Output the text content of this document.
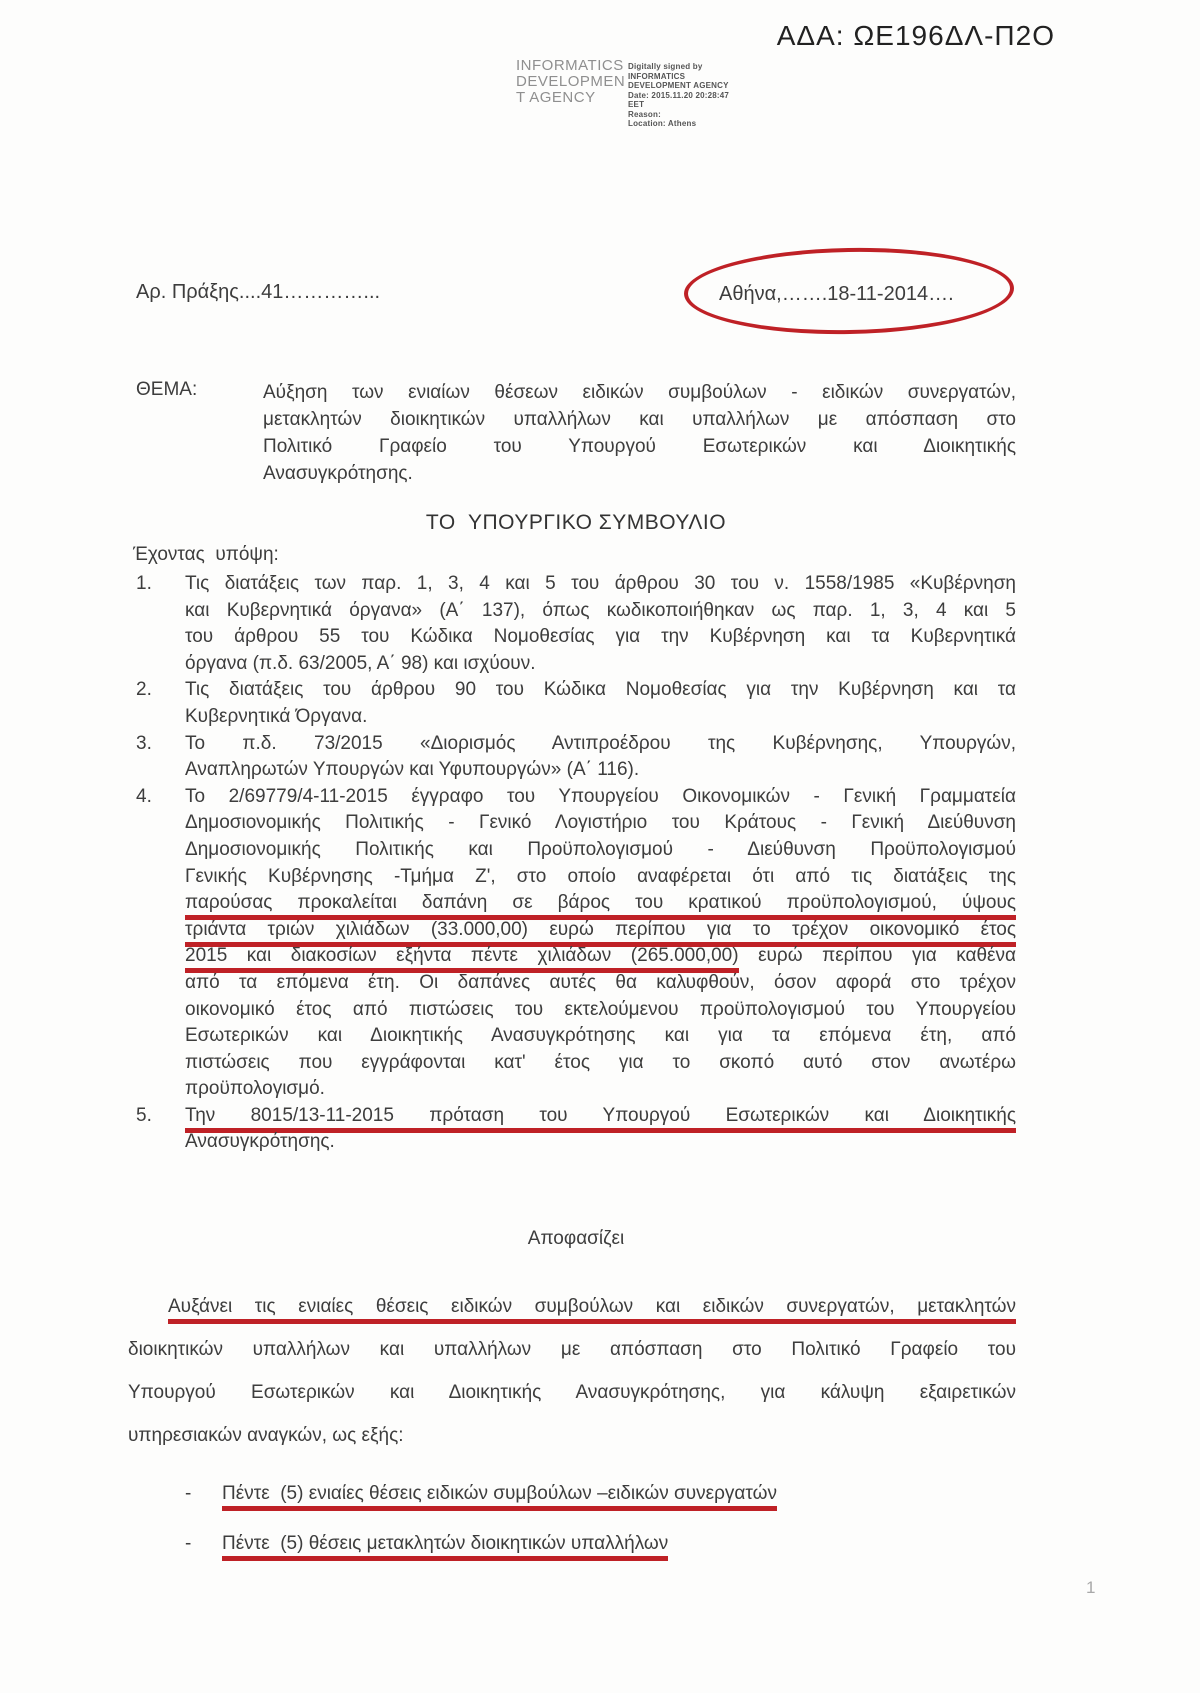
ΑΔΑ: ΩΕ196ΔΛ-Π2Ο
INFORMATICS
DEVELOPMEN
T AGENCY
Digitally signed by
INFORMATICS
DEVELOPMENT AGENCY
Date: 2015.11.20 20:28:47
EET
Reason:
Location: Athens
Αρ. Πράξης....41…………...	Αθήνα,…….18-11-2014….
ΘΕΜΑ:	Αύξηση των ενιαίων θέσεων ειδικών συμβούλων - ειδικών συνεργατών,
μετακλητών διοικητικών υπαλλήλων και υπαλλήλων με απόσπαση στο
Πολιτικό Γραφείο του Υπουργού Εσωτερικών και Διοικητικής
Ανασυγκρότησης.
ΤΟ  ΥΠΟΥΡΓΙΚΟ ΣΥΜΒΟΥΛΙΟ
Έχοντας  υπόψη:
1.	Τις διατάξεις των παρ. 1, 3, 4 και 5 του άρθρου 30 του ν. 1558/1985 «Κυβέρνηση
και Κυβερνητικά όργανα» (Α΄ 137), όπως κωδικοποιήθηκαν ως παρ. 1, 3, 4 και 5
του άρθρου 55 του Κώδικα Νομοθεσίας για την Κυβέρνηση και τα Κυβερνητικά
όργανα (π.δ. 63/2005, Α΄ 98) και ισχύουν.
2.	Τις διατάξεις του άρθρου 90 του Κώδικα Νομοθεσίας για την Κυβέρνηση και τα
Κυβερνητικά Όργανα.
3.	Το π.δ. 73/2015 «Διορισμός Αντιπροέδρου της Κυβέρνησης, Υπουργών,
Αναπληρωτών Υπουργών και Υφυπουργών» (Α΄ 116).
4.	Το 2/69779/4-11-2015 έγγραφο του Υπουργείου Οικονομικών - Γενική Γραμματεία
Δημοσιονομικής Πολιτικής - Γενικό Λογιστήριο του Κράτους - Γενική Διεύθυνση
Δημοσιονομικής Πολιτικής και Προϋπολογισμού - Διεύθυνση Προϋπολογισμού
Γενικής Κυβέρνησης -Τμήμα Ζ', στο οποίο αναφέρεται ότι από τις διατάξεις της
παρούσας προκαλείται δαπάνη σε βάρος του κρατικού προϋπολογισμού, ύψους
τριάντα τριών χιλιάδων (33.000,00) ευρώ περίπου για το τρέχον οικονομικό έτος
2015 και διακοσίων εξήντα πέντε χιλιάδων (265.000,00) ευρώ περίπου για καθένα
από τα επόμενα έτη. Οι δαπάνες αυτές θα καλυφθούν, όσον αφορά στο τρέχον
οικονομικό έτος από πιστώσεις του εκτελούμενου προϋπολογισμού του Υπουργείου
Εσωτερικών και Διοικητικής Ανασυγκρότησης και για τα επόμενα έτη, από
πιστώσεις που εγγράφονται κατ' έτος για το σκοπό αυτό στον ανωτέρω
προϋπολογισμό.
5.	Την 8015/13-11-2015 πρόταση του Υπουργού Εσωτερικών και Διοικητικής
Ανασυγκρότησης.
Αποφασίζει
Αυξάνει τις ενιαίες θέσεις ειδικών συμβούλων και ειδικών συνεργατών, μετακλητών
διοικητικών υπαλλήλων και υπαλλήλων με απόσπαση στο Πολιτικό Γραφείο του
Υπουργού Εσωτερικών και Διοικητικής Ανασυγκρότησης, για κάλυψη εξαιρετικών
υπηρεσιακών αναγκών, ως εξής:
-	Πέντε  (5) ενιαίες θέσεις ειδικών συμβούλων –ειδικών συνεργατών
-	Πέντε  (5) θέσεις μετακλητών διοικητικών υπαλλήλων
1
